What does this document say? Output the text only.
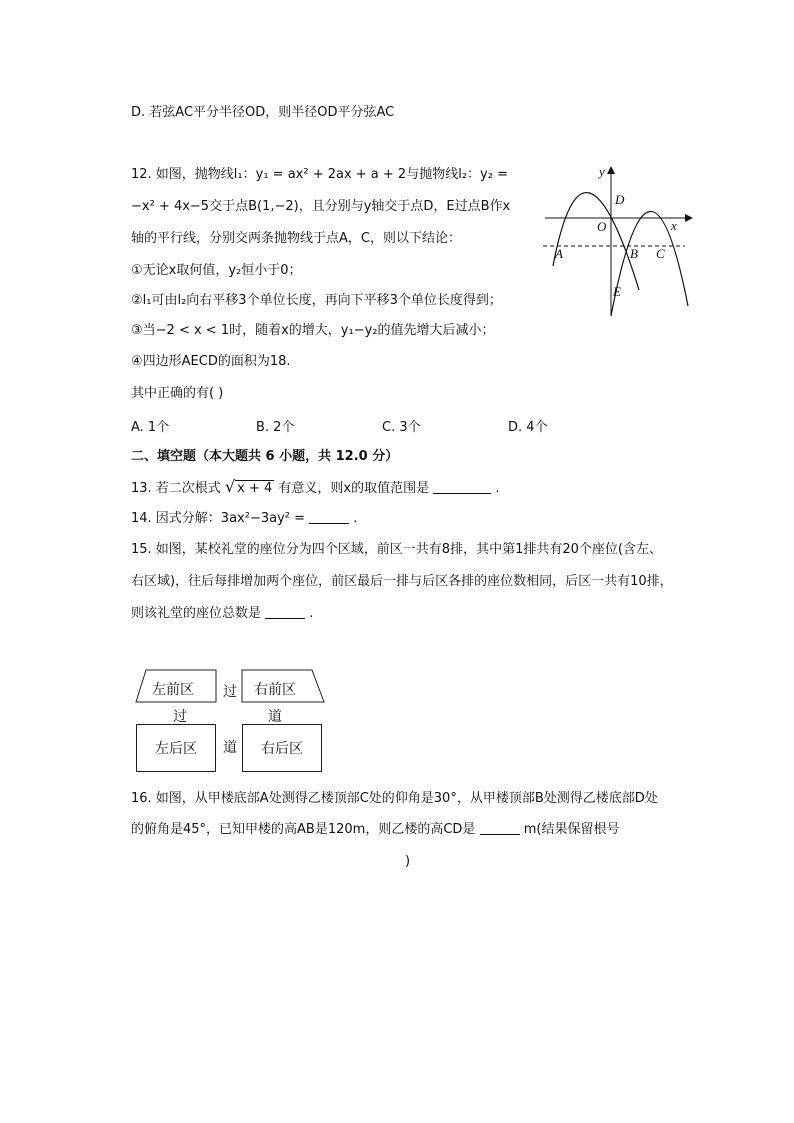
D. 若弦AC平分半径OD，则半径OD平分弦AC
12. 如图，抛物线l₁：y₁ = ax² + 2ax + a + 2与抛物线l₂：y₂ =
−x² + 4x−5交于点B(1,−2)，且分别与y轴交于点D，E过点B作x
轴的平行线，分别交两条抛物线于点A，C，则以下结论：
①无论x取何值，y₂恒小于0；
②l₁可由l₂向右平移3个单位长度，再向下平移3个单位长度得到；
③当−2 < x < 1时，随着x的增大，y₁−y₂的值先增大后减小；
④四边形AECD的面积为18.
其中正确的有( )
A. 1个	B. 2个	C. 3个	D. 4个
y
x
O
D
A	B C
E
二、填空题（本大题共 6 小题，共 12.0 分）
13. 若二次根式 √ x + 4 有意义，则x的取值范围是	.
14. 因式分解：3ax²−3ay² =	.
15. 如图，某校礼堂的座位分为四个区域，前区一共有8排，其中第1排共有20个座位(含左、
右区域)，往后每排增加两个座位，前区最后一排与后区各排的座位数相同，后区一共有10排，
则该礼堂的座位总数是	.
左前区	右前区
过
过	道
左后区 道 右后区
16. 如图，从甲楼底部A处测得乙楼顶部C处的仰角是30°，从甲楼顶部B处测得乙楼底部D处
的俯角是45°，已知甲楼的高AB是120m，则乙楼的高CD是	m(结果保留根号
)
